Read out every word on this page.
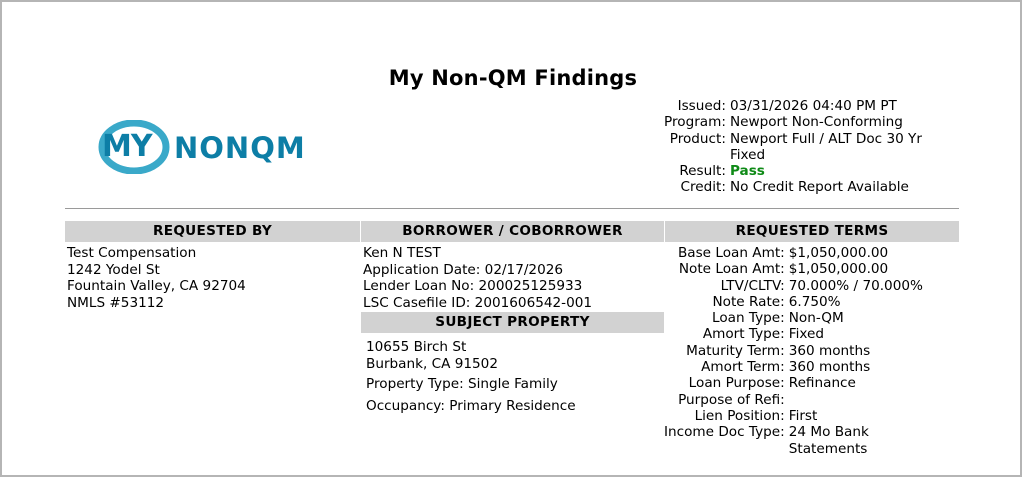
My Non-QM Findings
MY NONQM
Issued:	03/31/2026 04:40 PM PT
Program:	Newport Non-Conforming
Product:	Newport Full / ALT Doc 30 Yr Fixed
Result:	Pass
Credit:	No Credit Report Available
REQUESTED BY	BORROWER / COBORROWER	REQUESTED TERMS
Test Compensation
1242 Yodel St
Fountain Valley, CA 92704
NMLS #53112
Ken N TEST
Application Date: 02/17/2026
Lender Loan No: 200025125933
LSC Casefile ID: 2001606542-001
SUBJECT PROPERTY
10655 Birch St
Burbank, CA 91502
Property Type: Single Family
Occupancy: Primary Residence
Base Loan Amt:	$1,050,000.00
Note Loan Amt:	$1,050,000.00
LTV/CLTV:	70.000% / 70.000%
Note Rate:	6.750%
Loan Type:	Non-QM
Amort Type:	Fixed
Maturity Term:	360 months
Amort Term:	360 months
Loan Purpose:	Refinance
Purpose of Refi:	
Lien Position:	First
Income Doc Type:	24 Mo Bank Statements
